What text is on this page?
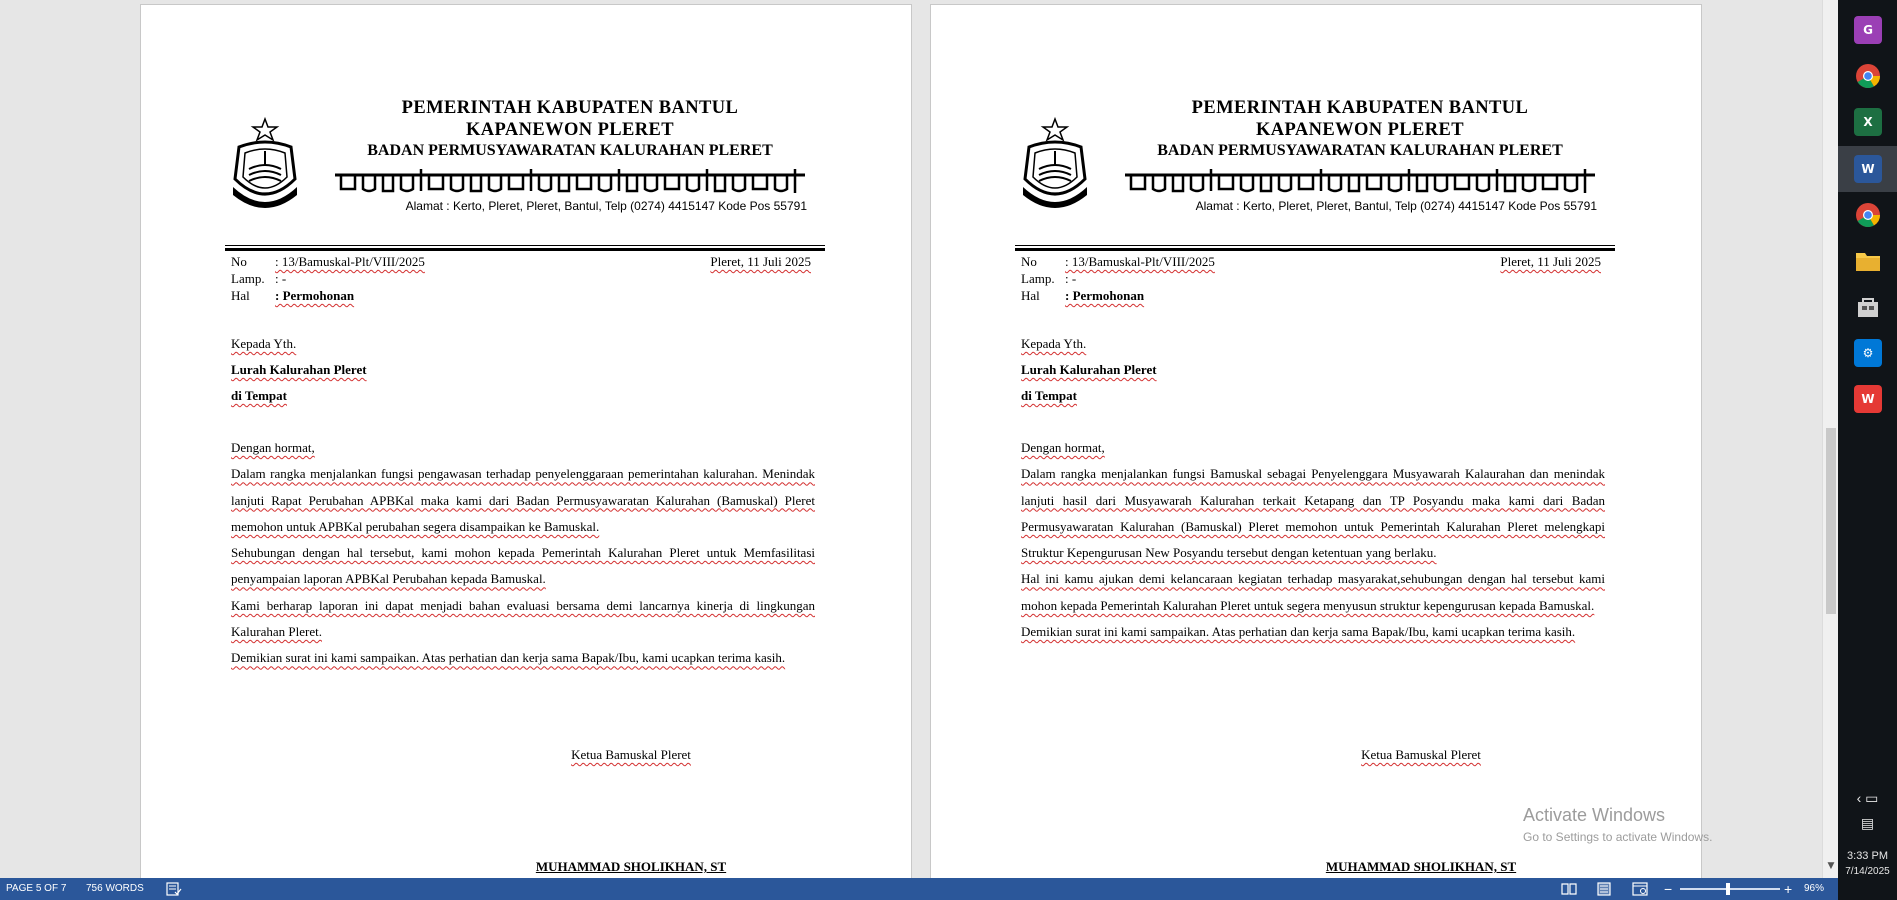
PEMERINTAH KABUPATEN BANTUL
KAPANEWON PLERET
BADAN PERMUSYAWARATAN KALURAHAN PLERET
Alamat : Kerto, Pleret, Pleret, Bantul, Telp (0274) 4415147 Kode Pos 55791
No : 13/Bamuskal-Plt/VIII/2025	Pleret, 11 Juli 2025
Lamp. : -
Hal : Permohonan
Kepada Yth.
Lurah Kalurahan Pleret
di Tempat
Dengan hormat,
Dalam rangka menjalankan fungsi pengawasan terhadap penyelenggaraan pemerintahan kalurahan. Menindak lanjuti Rapat Perubahan APBKal maka kami dari Badan Permusyawaratan Kalurahan (Bamuskal) Pleret memohon untuk APBKal perubahan segera disampaikan ke Bamuskal.
Sehubungan dengan hal tersebut, kami mohon kepada Pemerintah Kalurahan Pleret untuk Memfasilitasi penyampaian laporan APBKal Perubahan kepada Bamuskal.
Kami berharap laporan ini dapat menjadi bahan evaluasi bersama demi lancarnya kinerja di lingkungan Kalurahan Pleret.
Demikian surat ini kami sampaikan. Atas perhatian dan kerja sama Bapak/Ibu, kami ucapkan terima kasih.
Ketua Bamuskal Pleret
MUHAMMAD SHOLIKHAN, ST
PEMERINTAH KABUPATEN BANTUL
KAPANEWON PLERET
BADAN PERMUSYAWARATAN KALURAHAN PLERET
Alamat : Kerto, Pleret, Pleret, Bantul, Telp (0274) 4415147 Kode Pos 55791
No : 13/Bamuskal-Plt/VIII/2025	Pleret, 11 Juli 2025
Lamp. : -
Hal : Permohonan
Kepada Yth.
Lurah Kalurahan Pleret
di Tempat
Dengan hormat,
Dalam rangka menjalankan fungsi Bamuskal sebagai Penyelenggara Musyawarah Kalaurahan dan menindak lanjuti hasil dari Musyawarah Kalurahan terkait Ketapang dan TP Posyandu maka kami dari Badan Permusyawaratan Kalurahan (Bamuskal) Pleret memohon untuk Pemerintah Kalurahan Pleret melengkapi Struktur Kepengurusan New Posyandu tersebut dengan ketentuan yang berlaku.
Hal ini kamu ajukan demi kelancaraan kegiatan terhadap masyarakat,sehubungan dengan hal tersebut kami mohon kepada Pemerintah Kalurahan Pleret untuk segera menyusun struktur kepengurusan kepada Bamuskal.
Demikian surat ini kami sampaikan. Atas perhatian dan kerja sama Bapak/Ibu, kami ucapkan terima kasih.
Ketua Bamuskal Pleret
MUHAMMAD SHOLIKHAN, ST
Activate Windows
Go to Settings to activate Windows.
▼
PAGE 5 OF 7 756 WORDS	−	+ 96%
G
X
W
⚙
W
‹ ▭
▤
3:33 PM
7/14/2025
